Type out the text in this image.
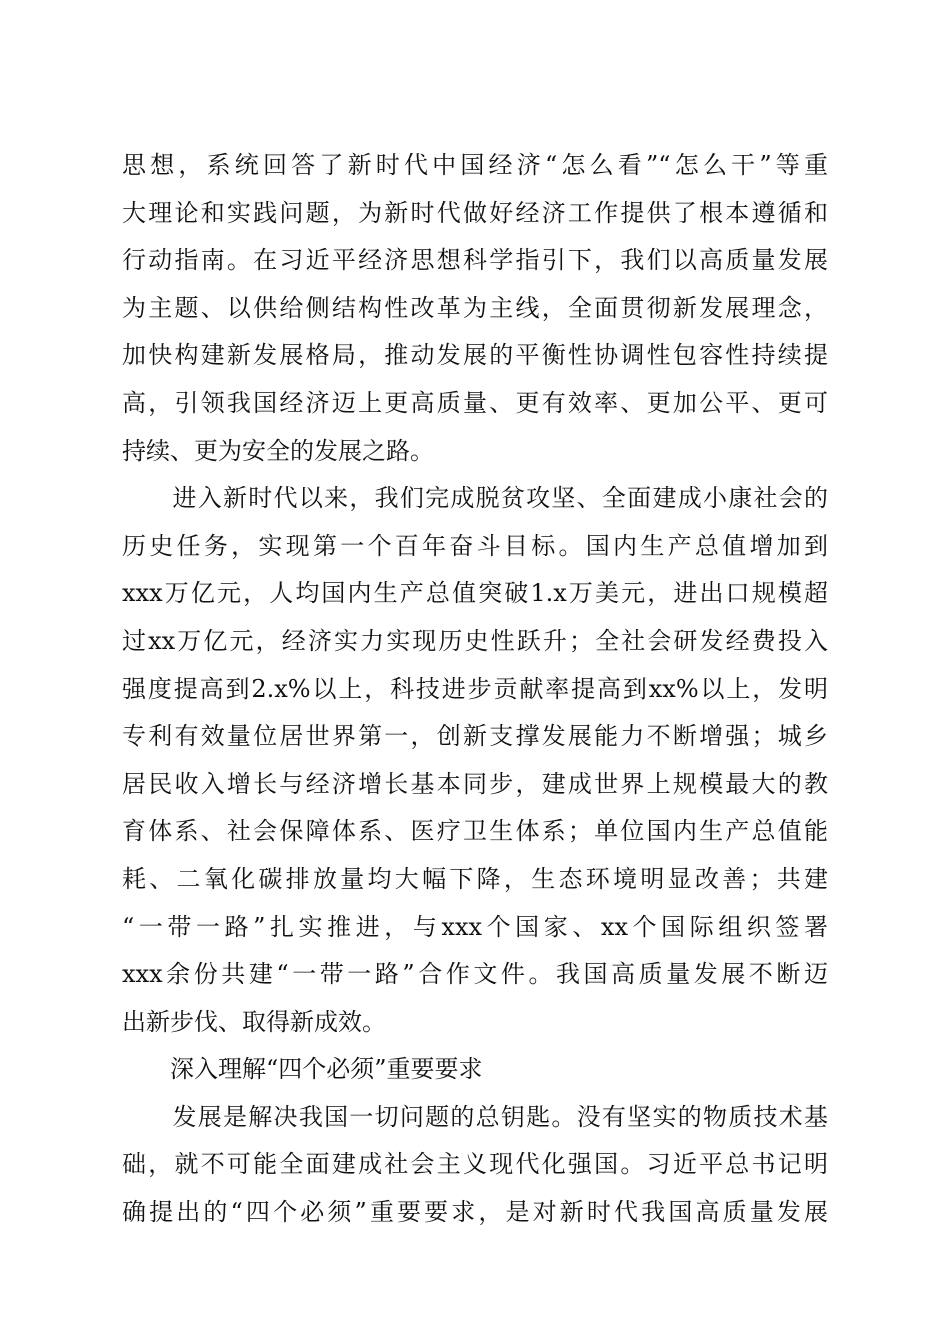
思想，系统回答了新时代中国经济“怎么看”“怎么干”等重
大理论和实践问题，为新时代做好经济工作提供了根本遵循和
行动指南。在习近平经济思想科学指引下，我们以高质量发展
为主题、以供给侧结构性改革为主线，全面贯彻新发展理念，
加快构建新发展格局，推动发展的平衡性协调性包容性持续提
高，引领我国经济迈上更高质量、更有效率、更加公平、更可
持续、更为安全的发展之路。
　　进入新时代以来，我们完成脱贫攻坚、全面建成小康社会的
历史任务，实现第一个百年奋斗目标。国内生产总值增加到
xxx万亿元，人均国内生产总值突破1.x万美元，进出口规模超
过xx万亿元，经济实力实现历史性跃升；全社会研发经费投入
强度提高到2.x%以上，科技进步贡献率提高到xx%以上，发明
专利有效量位居世界第一，创新支撑发展能力不断增强；城乡
居民收入增长与经济增长基本同步，建成世界上规模最大的教
育体系、社会保障体系、医疗卫生体系；单位国内生产总值能
耗、二氧化碳排放量均大幅下降，生态环境明显改善；共建
“一带一路”扎实推进，与xxx个国家、xx个国际组织签署
xxx余份共建“一带一路”合作文件。我国高质量发展不断迈
出新步伐、取得新成效。
　　深入理解“四个必须”重要要求
　　发展是解决我国一切问题的总钥匙。没有坚实的物质技术基
础，就不可能全面建成社会主义现代化强国。习近平总书记明
确提出的“四个必须”重要要求，是对新时代我国高质量发展
